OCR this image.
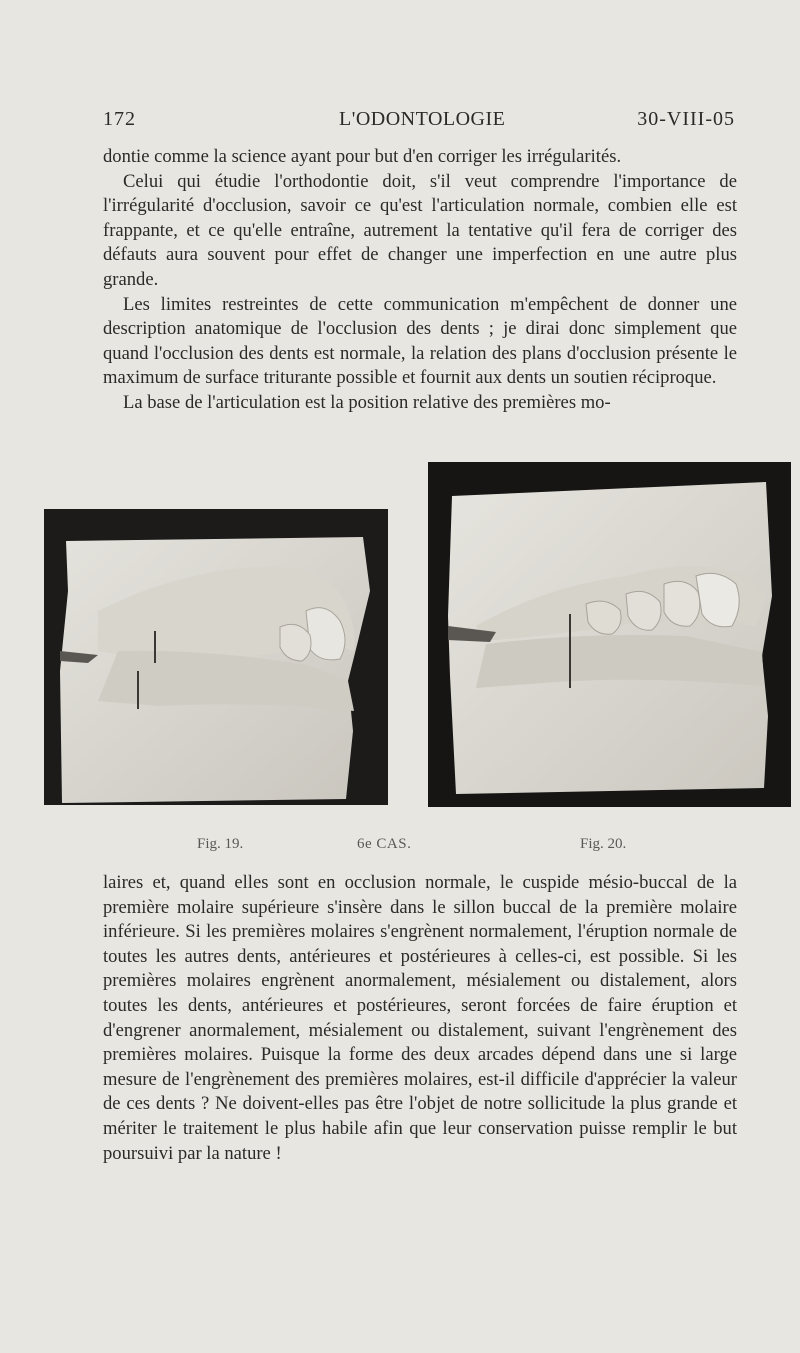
172	L'ODONTOLOGIE	30-VIII-05

dontie comme la science ayant pour but d'en corriger les irrégularités.

Celui qui étudie l'orthodontie doit, s'il veut comprendre l'importance de l'irrégularité d'occlusion, savoir ce qu'est l'articulation normale, combien elle est frappante, et ce qu'elle entraîne, autrement la tentative qu'il fera de corriger des défauts aura souvent pour effet de changer une imperfection en une autre plus grande.

Les limites restreintes de cette communication m'empêchent de donner une description anatomique de l'occlusion des dents ; je dirai donc simplement que quand l'occlusion des dents est normale, la relation des plans d'occlusion présente le maximum de surface triturante possible et fournit aux dents un soutien réciproque.

La base de l'articulation est la position relative des premières mo-

Fig. 19.	6e CAS.	Fig. 20.

laires et, quand elles sont en occlusion normale, le cuspide mésio-buccal de la première molaire supérieure s'insère dans le sillon buccal de la première molaire inférieure. Si les premières molaires s'engrènent normalement, l'éruption normale de toutes les autres dents, antérieures et postérieures à celles-ci, est possible. Si les premières molaires engrènent anormalement, mésialement ou distalement, alors toutes les dents, antérieures et postérieures, seront forcées de faire éruption et d'engrener anormalement, mésialement ou distalement, suivant l'engrènement des premières molaires. Puisque la forme des deux arcades dépend dans une si large mesure de l'engrènement des premières molaires, est-il difficile d'apprécier la valeur de ces dents ? Ne doivent-elles pas être l'objet de notre sollicitude la plus grande et mériter le traitement le plus habile afin que leur conservation puisse remplir le but poursuivi par la nature !
